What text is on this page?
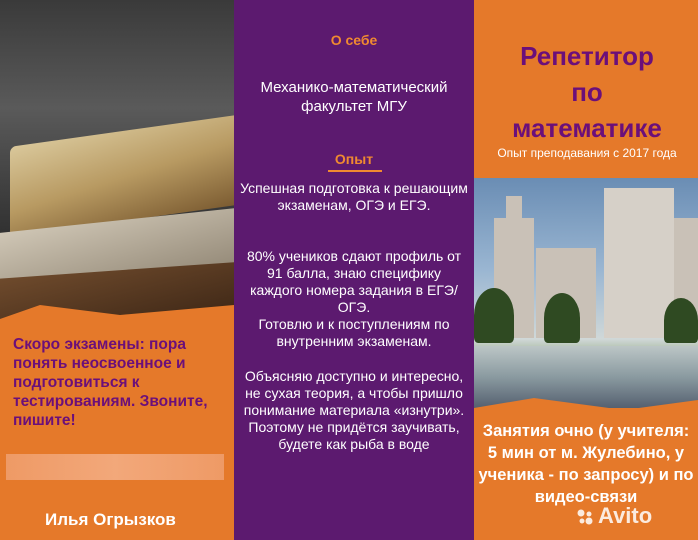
Скоро экзамены: пора понять неосвоенное и подготовиться к тестированиям. Звоните, пишите!
Илья Огрызков
О себе
Механико-математический факультет МГУ
Опыт
Успешная подготовка к решающим экзаменам, ОГЭ и ЕГЭ.
80% учеников сдают профиль от 91 балла, знаю специфику каждого номера задания в ЕГЭ/ОГЭ.
Готовлю и к поступлениям по внутренним экзаменам.
Объясняю доступно и интересно, не сухая теория, а чтобы пришло понимание материала «изнутри». Поэтому не придётся заучивать, будете как рыба в воде
Репетитор
по
математике
Опыт преподавания с 2017 года
Занятия очно (у учителя: 5 мин от м. Жулебино, у ученика - по запросу) и по видео-связи
Avito
